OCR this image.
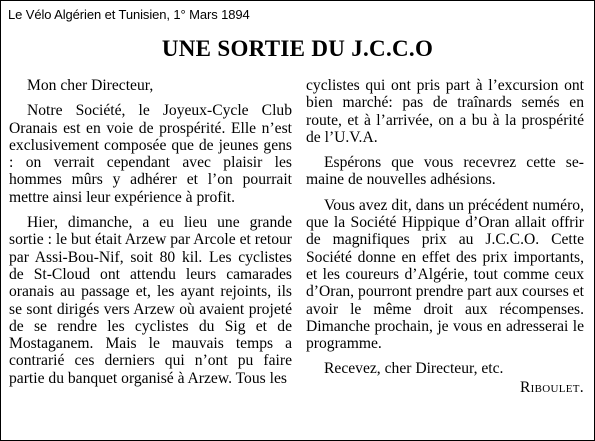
Le Vélo Algérien et Tunisien, 1° Mars 1894
UNE SORTIE DU J.C.C.O

Mon cher Directeur,

Notre Société, le Joyeux-Cycle Club Oranais est en voie de prospérité. Elle n’est exclusivement composée que de jeunes gens : on verrait cependant avec plaisir les hommes mûrs y adhérer et l’on pourrait mettre ainsi leur expérience à profit.

Hier, dimanche, a eu lieu une grande sortie : le but était Arzew par Arcole et retour par Assi-Bou-Nif, soit 80 kil. Les cyclistes de St-Cloud ont attendu leurs camarades oranais au passage et, les ayant rejoints, ils se sont dirigés vers Arzew où avaient projeté de se rendre les cyclistes du Sig et de Mostaganem. Mais le mauvais temps a contrarié ces derniers qui n’ont pu faire partie du banquet organisé à Arzew. Tous les

cyclistes qui ont pris part à l’excursion ont bien marché: pas de traînards semés en route, et à l’arrivée, on a bu à la prospérité de l’U.V.A.

Espérons que vous recevrez cette semaine de nouvelles adhésions.

Vous avez dit, dans un précédent numéro, que la Société Hippique d’Oran allait offrir de magnifiques prix au J.C.C.O. Cette Société donne en effet des prix importants, et les coureurs d’Algérie, tout comme ceux d’Oran, pourront prendre part aux courses et avoir le même droit aux récompenses. Dimanche prochain, je vous en adresserai le programme.

Recevez, cher Directeur, etc.

Riboulet.
